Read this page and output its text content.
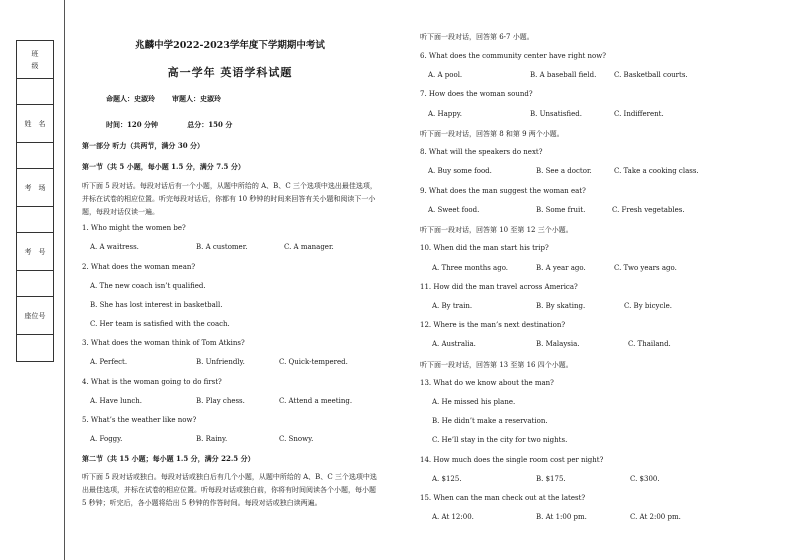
班
级
姓　名
考　场
考　号
座位号
兆麟中学2022-2023学年度下学期期中考试
高一学年 英语学科试题
命题人：史淑玲       审题人：史淑玲
时间：120 分钟            总分：150 分
第一部分 听力（共两节，满分 30 分）
第一节（共 5 小题，每小题 1.5 分，满分 7.5 分）
听下面 5 段对话。每段对话后有一个小题，从题中所给的 A、B、C 三个选项中选出最佳选项，并标在试卷的相应位置。听完每段对话后，你都有 10 秒钟的时间来回答有关小题和阅读下一小题，每段对话仅读一遍。
1. Who might the women be?
A. A waitress.	B. A customer.	C. A manager.
2. What does the woman mean?
A. The new coach isn’t qualified.
B. She has lost interest in basketball.
C. Her team is satisfied with the coach.
3. What does the woman think of Tom Atkins?
A. Perfect.	B. Unfriendly.	C. Quick-tempered.
4. What is the woman going to do first?
A. Have lunch.	B. Play chess.	C. Attend a meeting.
5. What’s the weather like now?
A. Foggy.	B. Rainy.	C. Snowy.
第二节（共 15 小题；每小题 1.5 分，满分 22.5 分）
听下面 5 段对话或独白。每段对话或独白后有几个小题，从题中所给的 A、B、C 三个选项中选出最佳选项，并标在试卷的相应位置。听每段对话或独白前，你将有时间阅读各个小题，每小题 5 秒钟；听完后，各小题将给出 5 秒钟的作答时间。每段对话或独白读两遍。
听下面一段对话，回答第 6-7 小题。
6. What does the community center have right now?
A. A pool.	B. A baseball field.	C. Basketball courts.
7. How does the woman sound?
A. Happy.	B. Unsatisfied.	C. Indifferent.
听下面一段对话，回答第 8 和第 9 两个小题。
8. What will the speakers do next?
A. Buy some food.	B. See a doctor.	C. Take a cooking class.
9. What does the man suggest the woman eat?
A. Sweet food.	B. Some fruit.	C. Fresh vegetables.
听下面一段对话，回答第 10 至第 12 三个小题。
10. When did the man start his trip?
A. Three months ago.	B. A year ago.	C. Two years ago.
11. How did the man travel across America?
A. By train.	B. By skating.	C. By bicycle.
12. Where is the man’s next destination?
A. Australia.	B. Malaysia.	C. Thailand.
听下面一段对话，回答第 13 至第 16 四个小题。
13. What do we know about the man?
A. He missed his plane.
B. He didn’t make a reservation.
C. He’ll stay in the city for two nights.
14. How much does the single room cost per night?
A. $125.	B. $175.	C. $300.
15. When can the man check out at the latest?
A. At 12:00.	B. At 1:00 pm.	C. At 2:00 pm.
